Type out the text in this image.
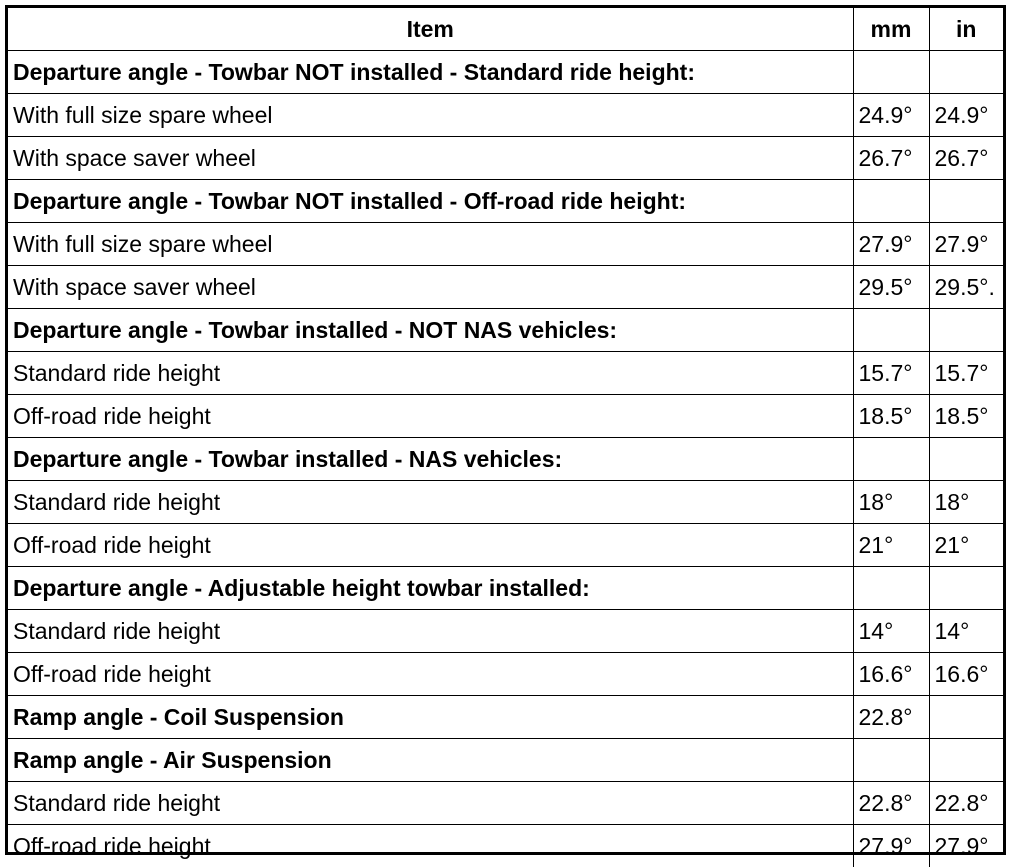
Item	mm	in
Departure angle - Towbar NOT installed - Standard ride height:		
With full size spare wheel	24.9°	24.9°
With space saver wheel	26.7°	26.7°
Departure angle - Towbar NOT installed - Off-road ride height:		
With full size spare wheel	27.9°	27.9°
With space saver wheel	29.5°	29.5°.
Departure angle - Towbar installed - NOT NAS vehicles:		
Standard ride height	15.7°	15.7°
Off-road ride height	18.5°	18.5°
Departure angle - Towbar installed - NAS vehicles:		
Standard ride height	18°	18°
Off-road ride height	21°	21°
Departure angle - Adjustable height towbar installed:		
Standard ride height	14°	14°
Off-road ride height	16.6°	16.6°
Ramp angle - Coil Suspension	22.8°	
Ramp angle - Air Suspension		
Standard ride height	22.8°	22.8°
Off-road ride height	27.9°	27.9°
